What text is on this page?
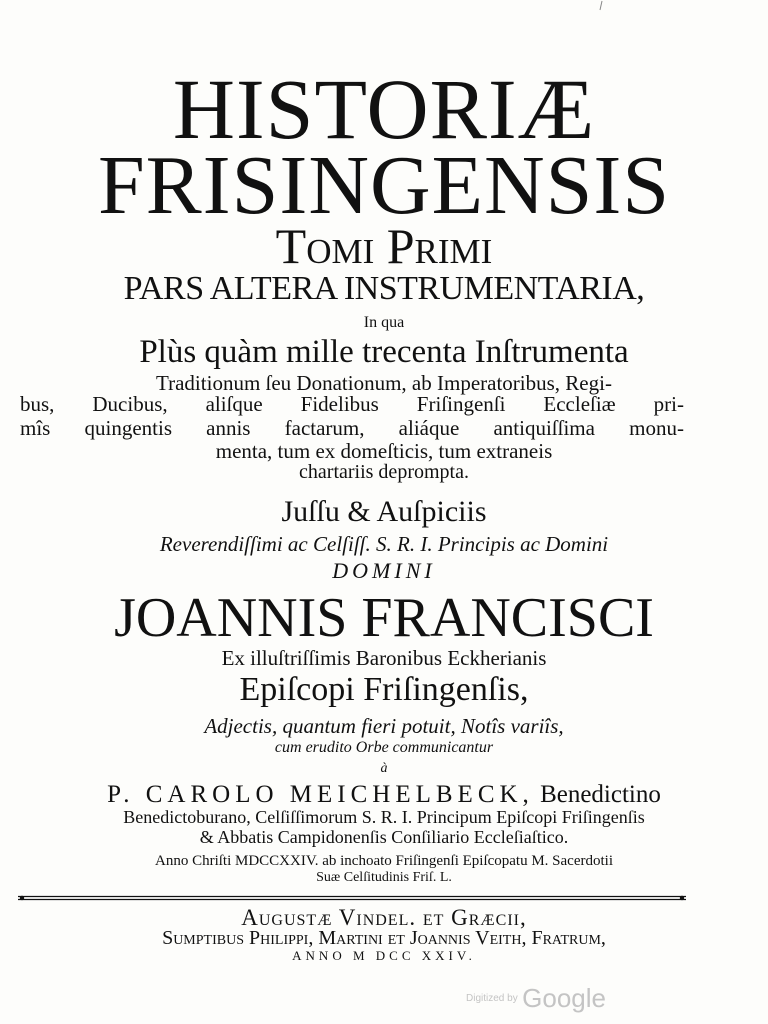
HISTORIÆ
FRISINGENSIS
Tomi Primi
PARS ALTERA INSTRUMENTARIA,
In qua
Plùs quàm mille trecenta Inſtrumenta
Traditionum ſeu Donationum, ab Imperatoribus, Regi-
bus, Ducibus, aliſque Fidelibus Friſingenſi Eccleſiæ pri-
mîs quingentis annis factarum, aliáque antiquiſſima monu-
menta, tum ex domeſticis, tum extraneis
chartariis deprompta.
Juſſu & Auſpiciis
Reverendiſſimi ac Celſiſſ. S. R. I. Principis ac Domini
DOMINI
JOANNIS FRANCISCI
Ex illuſtriſſimis Baronibus Eckherianis
Epiſcopi Friſingenſis,
Adjectis, quantum fieri potuit, Notîs variîs,
cum erudito Orbe communicantur
à
P. CAROLO MEICHELBECK, Benedictino
Benedictoburano, Celſiſſimorum S. R. I. Principum Epiſcopi Friſingenſis
& Abbatis Campidonenſis Conſiliario Eccleſiaſtico.
Anno Chriſti MDCCXXIV. ab inchoato Friſingenſi Epiſcopatu M. Sacerdotii
Suæ Celſitudinis Friſ. L.
Augustæ Vindel. et Græcii,
Sumptibus Philippi, Martini et Joannis Veith, Fratrum,
ANNO M DCC XXIV.
Digitized by Google
